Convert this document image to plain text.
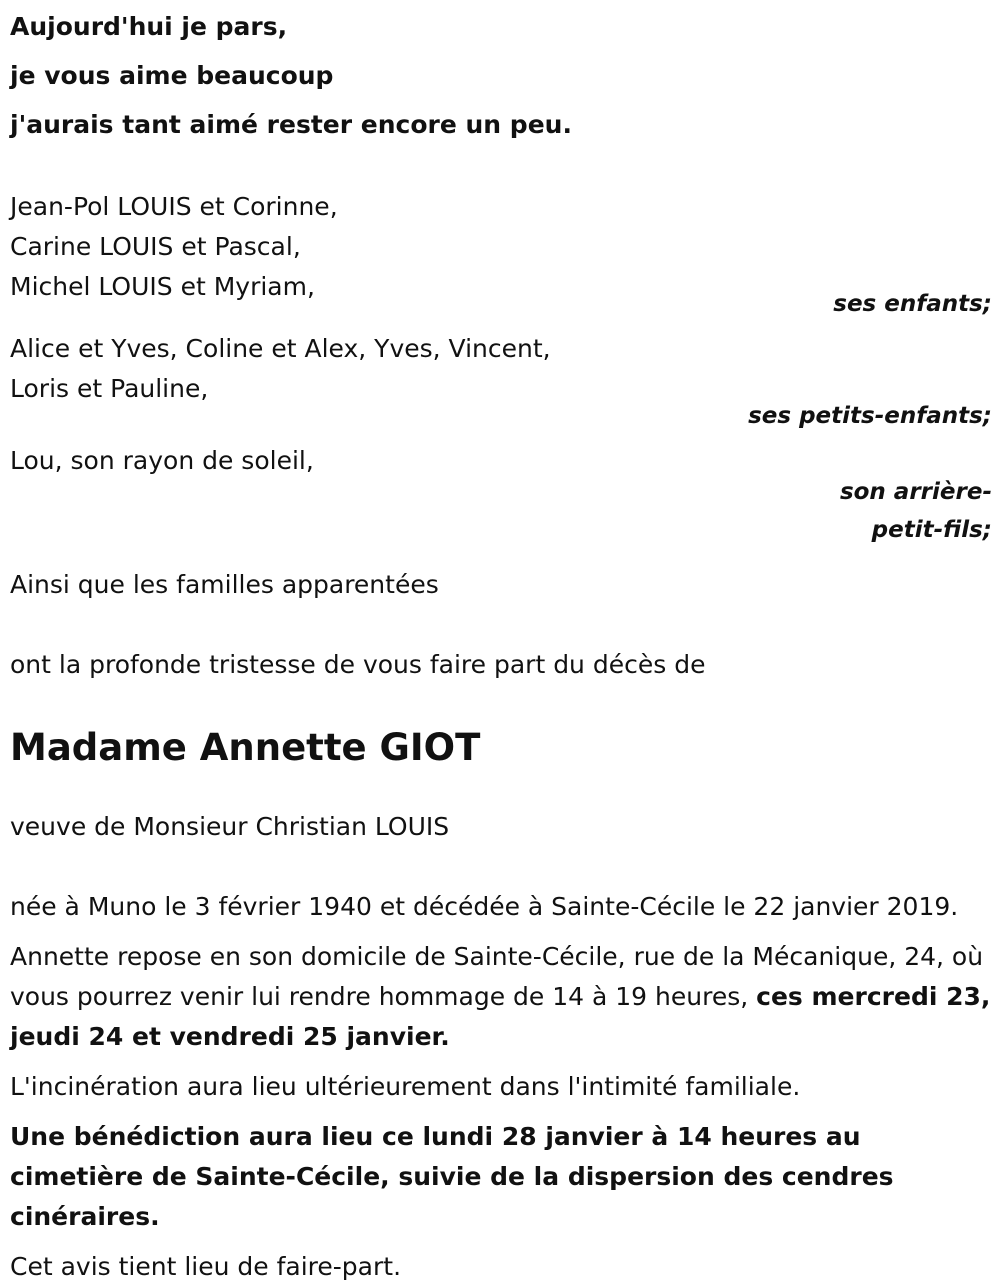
Aujourd'hui je pars,
je vous aime beaucoup
j'aurais tant aimé rester encore un peu.
Jean-Pol LOUIS et Corinne,
Carine LOUIS et Pascal,
Michel LOUIS et Myriam,
ses enfants;
Alice et Yves, Coline et Alex, Yves, Vincent,
Loris et Pauline,
ses petits-enfants;
Lou, son rayon de soleil,
son arrière-
petit-fils;
Ainsi que les familles apparentées
ont la profonde tristesse de vous faire part du décès de
Madame Annette GIOT
veuve de Monsieur Christian LOUIS
née à Muno le 3 février 1940 et décédée à Sainte-Cécile le 22 janvier 2019.
Annette repose en son domicile de Sainte-Cécile, rue de la Mécanique, 24, où vous pourrez venir lui rendre hommage de 14 à 19 heures, ces mercredi 23, jeudi 24 et vendredi 25 janvier.
L'incinération aura lieu ultérieurement dans l'intimité familiale.
Une bénédiction aura lieu ce lundi 28 janvier à 14 heures au cimetière de Sainte-Cécile, suivie de la dispersion des cendres cinéraires.
Cet avis tient lieu de faire-part.
